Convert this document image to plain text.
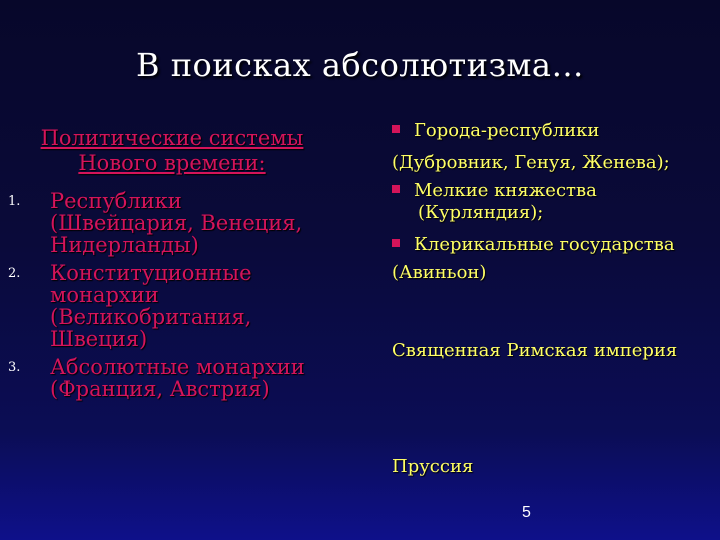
В поисках абсолютизма…
Политические системы
Нового времени:
1. Республики
(Швейцария, Венеция,
Нидерланды)
2. Конституционные
монархии
(Великобритания,
Швеция)
3. Абсолютные монархии
(Франция, Австрия)
Города-республики
(Дубровник, Генуя, Женева);
Мелкие княжества
(Курляндия);
Клерикальные государства
(Авиньон)
Священная Римская империя
Пруссия
5
